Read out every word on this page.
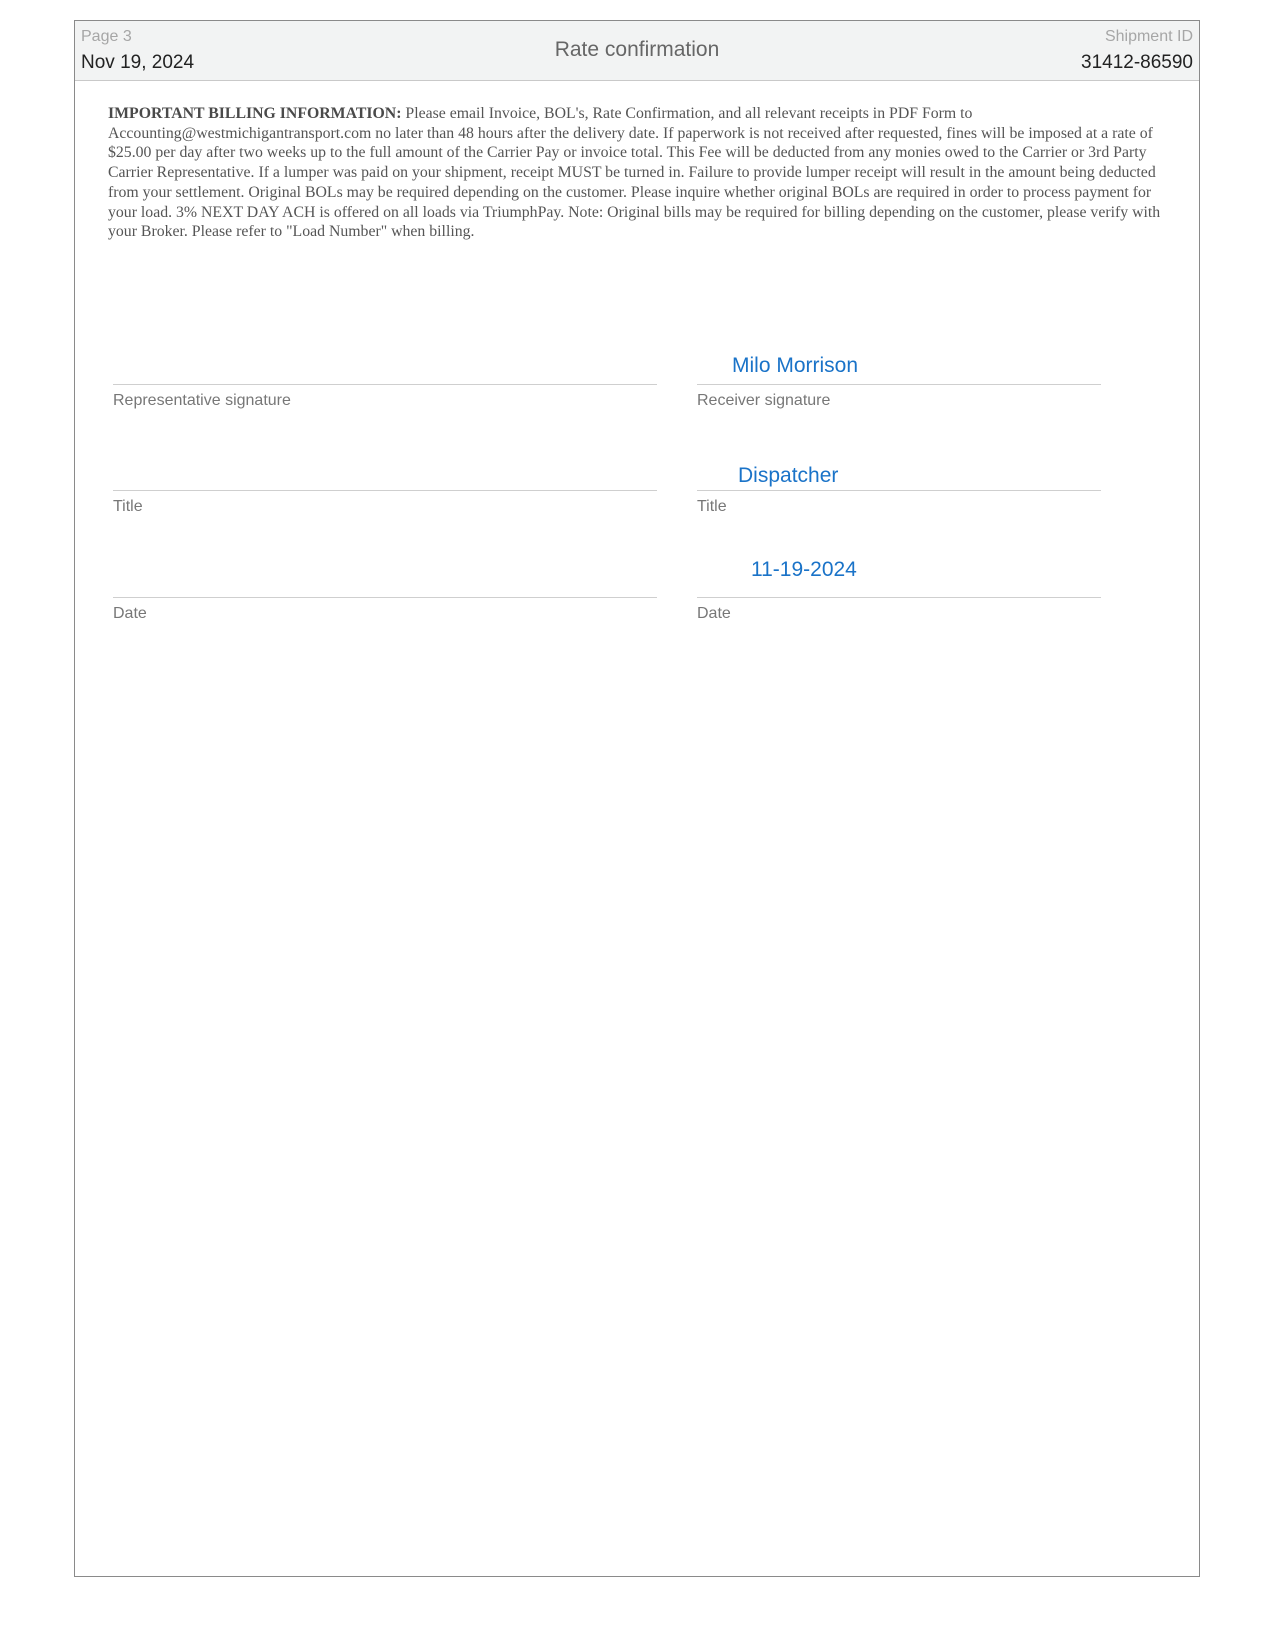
Page 3
Nov 19, 2024
Rate confirmation
Shipment ID
31412-86590
IMPORTANT BILLING INFORMATION: Please email Invoice, BOL's, Rate Confirmation, and all relevant receipts in PDF Form to Accounting@westmichigantransport.com no later than 48 hours after the delivery date. If paperwork is not received after requested, fines will be imposed at a rate of $25.00 per day after two weeks up to the full amount of the Carrier Pay or invoice total. This Fee will be deducted from any monies owed to the Carrier or 3rd Party Carrier Representative. If a lumper was paid on your shipment, receipt MUST be turned in. Failure to provide lumper receipt will result in the amount being deducted from your settlement. Original BOLs may be required depending on the customer. Please inquire whether original BOLs are required in order to process payment for your load. 3% NEXT DAY ACH is offered on all loads via TriumphPay. Note: Original bills may be required for billing depending on the customer, please verify with your Broker. Please refer to "Load Number" when billing.
Representative signature
Title
Date
Milo Morrison
Receiver signature
Dispatcher
Title
11-19-2024
Date
